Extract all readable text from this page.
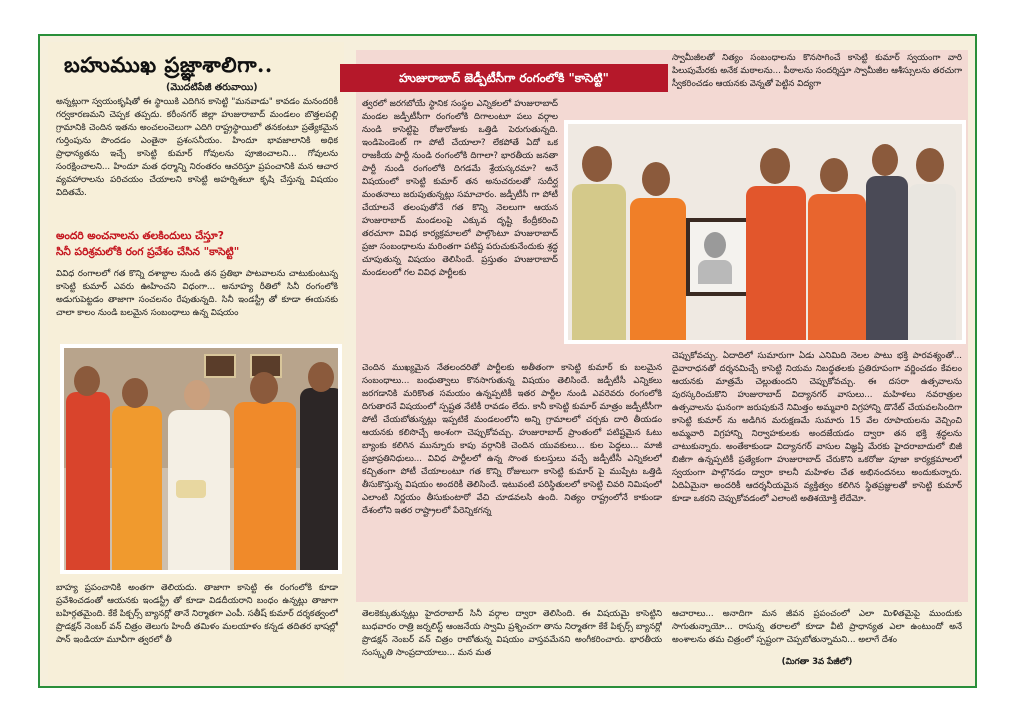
బహుముఖ ప్రజ్ఞాశాలిగా..
(మొదటిపేజీ తరువాయి)
అన్నట్లుగా స్వయంకృషితో ఈ స్థాయికి ఎదిగిన కాసెట్టి "మనవాడు" కావడం మనందరికీ గర్వకారణమని చెప్పక తప్పదు. కరీంనగర్ జిల్లా హుజురాబాద్ మండలం బొత్తలపల్లి గ్రామానికి చెందిన ఇతను అంచలంచెలుగా ఎదిగి రాష్ట్రస్థాయిలో తనకంటూ ప్రత్యేకమైన గుర్తింపును పొందడం ఎంతైనా ప్రశంసనీయం. హిందూ భావజాలానికి అధిక ప్రాధాన్యతను ఇచ్చే కాసెట్టి కుమార్ గోవులను పూజించాలని... గోవులను సంరక్షించాలని... హిందూ మత ధర్మాన్ని నిరంతరం ఆచరిస్తూ ప్రపంచానికి మన ఆచార వ్యవహారాలను పరిచయం చేయాలని కాసెట్టి అహర్నిశలూ కృషి చేస్తున్న విషయం విదితమే.
అందరి అంచనాలను తలకిందులు చేస్తూ?
సినీ పరిశ్రమలోకి రంగ ప్రవేశం చేసిన "కాసెట్టి"
వివిధ రంగాలలో గత కొన్ని దశాబ్దాల నుండి తన ప్రతిభా పాటవాలను చాటుకుంటున్న కాసెట్టి కుమార్ ఎవరు ఊహించని విధంగా... అనూహ్య రీతిలో సినీ రంగంలోకి అడుగుపెట్టడం తాజాగా సంచలనం రేపుతున్నది. సినీ ఇండస్ట్రీ తో కూడా ఈయనకు చాలా కాలం నుండి బలమైన సంబంధాలు ఉన్న విషయం
బాహ్య ప్రపంచానికి అంతగా తెలియదు. తాజాగా కాసెట్టి ఈ రంగంలోకి కూడా ప్రవేశించడంతో ఆయనకు ఇండస్ట్రీ తో కూడా విడదీయరాని బంధం ఉన్నట్లు తాజాగా బహిర్గతమైంది. కేకే పిక్చర్స్ బ్యానర్లో తానే నిర్మాతగా ఎంపీ. సతీష్ కుమార్ దర్శకత్వంలో ప్రొడక్షన్ నెంబర్ వన్ చిత్రం తెలుగు హిందీ తమిళం మలయాళం కన్నడ తదితర భాషల్లో పాన్ ఇండియా మూవీగా త్వరలో తీ
హుజురాబాద్ జెడ్పీటీసీగా రంగంలోకి "కాసెట్టి"
త్వరలో జరగబోయే స్థానిక సంస్థల ఎన్నికలలో హుజురాబాద్ మండల జడ్పీటీసీగా రంగంలోకి దిగాలంటూ పలు వర్గాల నుండి కాసెట్టిపై రోజురోజుకు ఒత్తిడి పెరుగుతున్నది. ఇండిపెండెంట్ గా పోటీ చేయాలా? లేకపోతే ఏదో ఒక రాజకీయ పార్టీ నుండి రంగంలోకి దిగాలా? భారతీయ జనతా పార్టీ నుండి రంగంలోకి దిగడమే శ్రేయస్కరమా? అనే విషయంలో కాసెట్టి కుమార్ తన అనుచరులతో సుదీర్ఘ మంతనాలు జరుపుతున్నట్లు సమాచారం. జడ్పీటీసీ గా పోటీ చేయాలనే తలంపుతోనే గత కొన్ని నెలలుగా ఆయన హుజురాబాద్ మండలంపై ఎక్కువ దృష్టి కేంద్రీకరించి తరచూగా వివిధ కార్యక్రమాలలో పాల్గొంటూ హుజురాబాద్ ప్రజా సంబంధాలను మరింతగా పటిష్ట పరుచుకునేందుకు శ్రద్ధ చూపుతున్న విషయం తెలిసిందే. ప్రస్తుతం హుజురాబాద్ మండలంలో గల వివిధ పార్టీలకు
చెందిన ముఖ్యమైన నేతలందరితో పార్టీలకు అతీతంగా కాసెట్టి కుమార్ కు బలమైన సంబంధాలు... బంధుత్వాలు కొనసాగుతున్న విషయం తెలిసిందే. జడ్పీటీసీ ఎన్నికలు జరగడానికి మరికొంత సమయం ఉన్నప్పటికీ ఇతర పార్టీల నుండి ఎవరెవరు రంగంలోకి దిగుతారనే విషయంలో స్పష్టత నేటికీ రావడం లేదు. కానీ కాసెట్టి కుమార్ మాత్రం జడ్పీటీసీగా పోటీ చేయబోతున్నట్లు ఇప్పటికే మండలంలోని అన్ని గ్రామాలలో చర్చకు దారి తీయడం ఆయనకు కలిసొచ్చే అంశంగా చెప్పుకోవచ్చు. హుజురాబాద్ ప్రాంతంలో పటిష్టమైన ఓటు బ్యాంకు కలిగిన మున్నూరు కాపు వర్గానికి చెందిన యువకులు... కుల పెద్దలు... మాజీ ప్రజాప్రతినిధులు... వివిధ పార్టీలలో ఉన్న సొంత కులస్తులు వచ్చే జడ్పీటీసీ ఎన్నికలలో కచ్చితంగా పోటీ చేయాలంటూ గత కొన్ని రోజులుగా కాసెట్టి కుమార్ పై ముప్పేట ఒత్తిడి తీసుకొస్తున్న విషయం అందరికీ తెలిసిందే. ఇటువంటి పరిస్థితులలో కాసెట్టి చివరి నిమిషంలో ఎలాంటి నిర్ణయం తీసుకుంటారో వేచి చూడవలసి ఉంది. నిత్యం రాష్ట్రంలోనే కాకుండా దేశంలోని ఇతర రాష్ట్రాలలో పేరెన్నికగన్న
స్వామీజీలతో నిత్యం సంబంధాలను కొనసాగించే కాసెట్టి కుమార్ స్వయంగా వారి పిలుపుమేరకు అనేక మఠాలను... పీఠాలను సందర్శిస్తూ స్వామీజీల ఆశీస్సులను తరచుగా స్వీకరించడం ఆయనకు వెన్నతో పెట్టిన విద్యగా
చెప్పుకోవచ్చు. ఏదాదిలో సుమారుగా ఏడు ఎనిమిది నెలల పాటు భక్తి పారవశ్యంతో... దైవారాధనతో దర్శనమిచ్చే కాసెట్టి నియమ నిబద్ధతలకు ప్రతిరూపంగా వర్ణించడం కేవలం ఆయనకు మాత్రమే చెల్లుతుందని చెప్పుకోవచ్చు. ఈ దసరా ఉత్సవాలను పురస్కరించుకొని హుజురాబాద్ విద్యానగర్ వాసులు... మహిళలు నవరాత్రుల ఉత్సవాలను ఘనంగా జరుపుకునే నిమిత్తం అమ్మవారి విగ్రహాన్ని డొనేట్ చేయవలసిందిగా కాసెట్టి కుమార్ ను అడిగిన మరుక్షణమే సుమారు 15 వేల రూపాయలను వెచ్చించి అమ్మవారి విగ్రహాన్ని నిర్వాహకులకు అందజేయడం ద్వారా తన భక్తి శ్రద్ధలను చాటుకున్నారు. అంతేకాకుండా విద్యానగర్ వాసుల విజ్ఞప్తి మేరకు హైదరాబాదులో బిజీ బిజీగా ఉన్నప్పటికీ ప్రత్యేకంగా హుజురాబాద్ చేరుకొని ఒకరోజు పూజా కార్యక్రమాలలో స్వయంగా పాల్గొనడం ద్వారా కాలనీ మహిళల చేత అభినందనలు అందుకున్నారు. ఏదిఏమైనా అందరికీ ఆదర్శనీయమైన వ్యక్తిత్వం కలిగిన స్థితప్రజ్ఞులతో కాసెట్టి కుమార్ కూడా ఒకరని చెప్పుకోవడంలో ఎలాంటి అతిశయోక్తి లేదేమో.
తెలకెక్కుతున్నట్లు హైదరాబాద్ సినీ వర్గాల ద్వారా తెలిసింది. ఈ విషయమై కాసెట్టిని బుధవారం రాత్రి జర్నలిస్ట్ ఆంజనేయ స్వామి ప్రశ్నించగా తాను నిర్మాతగా కేకే పిక్చర్స్ బ్యానర్లో ప్రొడక్షన్ నెంబర్ వన్ చిత్రం రాబోతున్న విషయం వాస్తవమేనని అంగీకరించారు. భారతీయ సంస్కృతి సాంప్రదాయాలు... మన మత
ఆచారాలు... అనాదిగా మన జీవన ప్రపంచంలో ఎలా మిళితమైపై ముందుకు సాగుతున్నాయో... రాసున్న తరాలలో కూడా వీటి ప్రాధాన్యత ఎలా ఉంటుందో అనే అంశాలను తమ చిత్రంలో స్పష్టంగా చెప్పబోతున్నామని... అలాగే దేశం
(మిగతా 3వ పేజీలో)
